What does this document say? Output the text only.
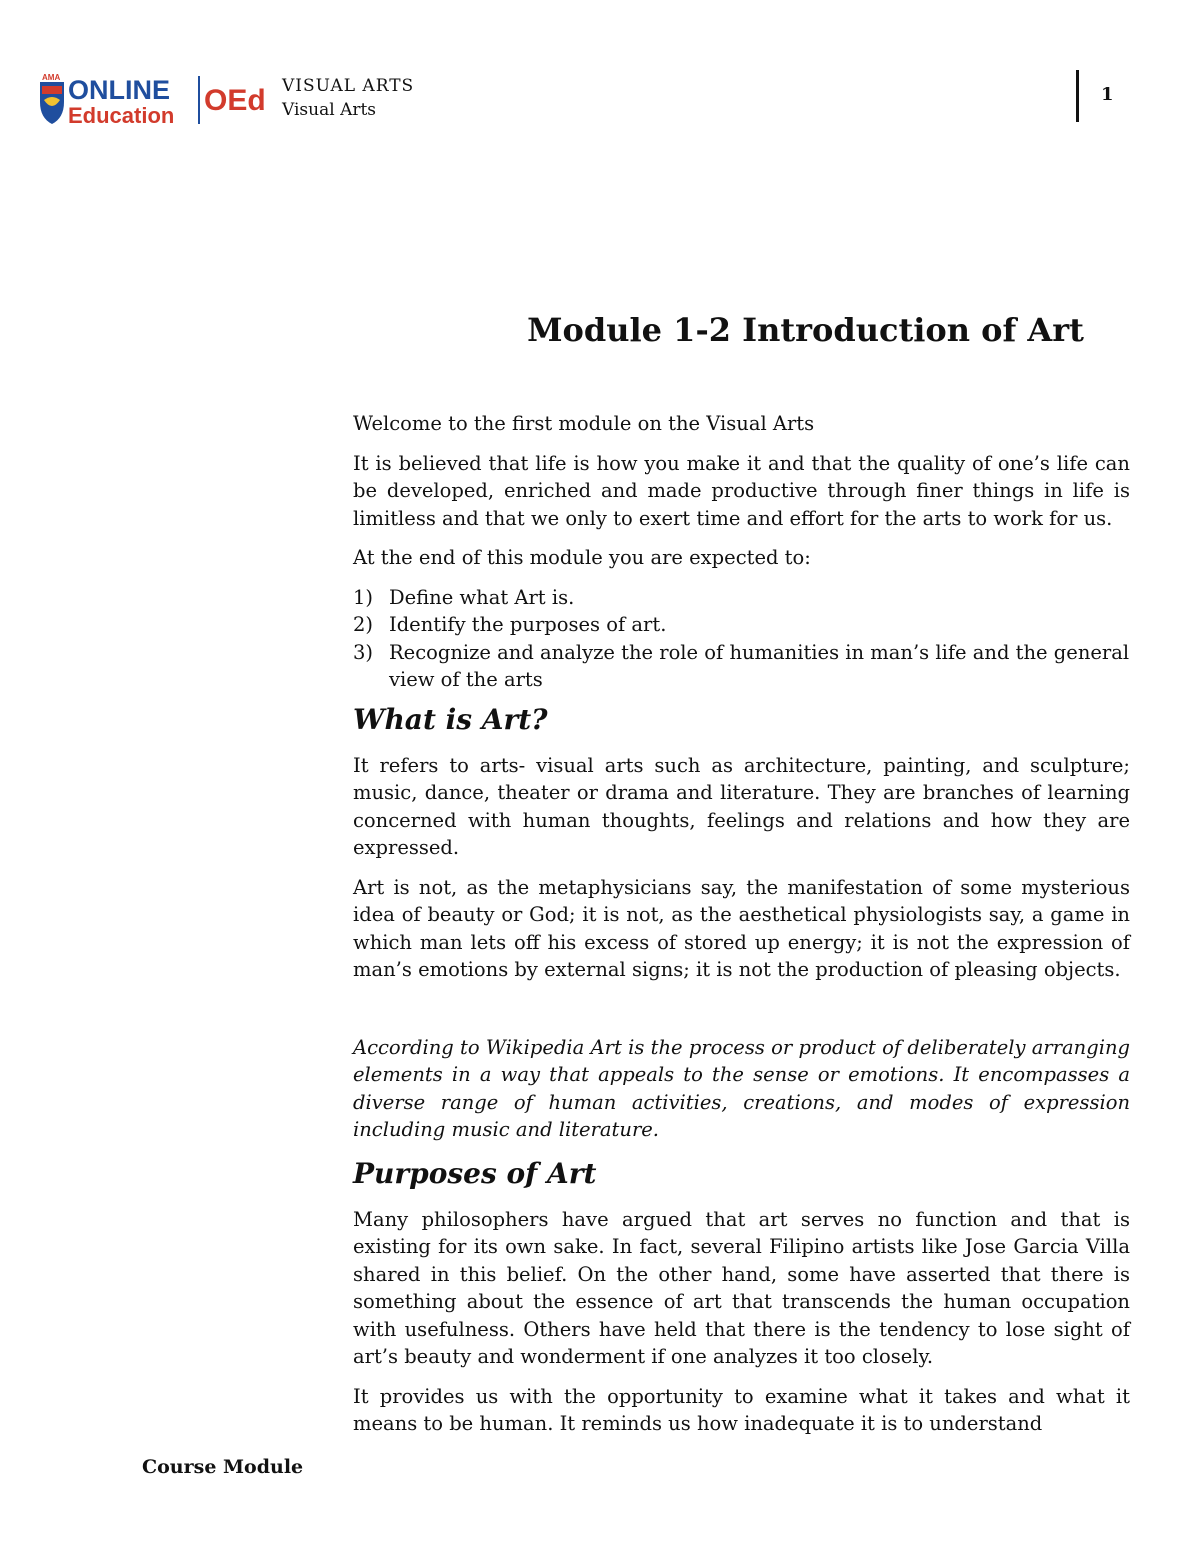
AMA ONLINE
Education OEd VISUAL ARTS
Visual Arts
1
Module 1-2 Introduction of Art

Welcome to the first module on the Visual Arts

It is believed that life is how you make it and that the quality of one’s life can be developed, enriched and made productive through finer things in life is limitless and that we only to exert time and effort for the arts to work for us.

At the end of this module you are expected to:

1) Define what Art is.
2) Identify the purposes of art.
3) Recognize and analyze the role of humanities in man’s life and the general view of the arts
What is Art?

It refers to arts- visual arts such as architecture, painting, and sculpture; music, dance, theater or drama and literature. They are branches of learning concerned with human thoughts, feelings and relations and how they are expressed.

Art is not, as the metaphysicians say, the manifestation of some mysterious idea of beauty or God; it is not, as the aesthetical physiologists say, a game in which man lets off his excess of stored up energy; it is not the expression of man’s emotions by external signs; it is not the production of pleasing objects.

According to Wikipedia Art is the process or product of deliberately arranging elements in a way that appeals to the sense or emotions. It encompasses a diverse range of human activities, creations, and modes of expression including music and literature.

Purposes of Art

Many philosophers have argued that art serves no function and that is existing for its own sake. In fact, several Filipino artists like Jose Garcia Villa shared in this belief. On the other hand, some have asserted that there is something about the essence of art that transcends the human occupation with usefulness. Others have held that there is the tendency to lose sight of art’s beauty and wonderment if one analyzes it too closely.

It provides us with the opportunity to examine what it takes and what it means to be human. It reminds us how inadequate it is to understand

Course Module
